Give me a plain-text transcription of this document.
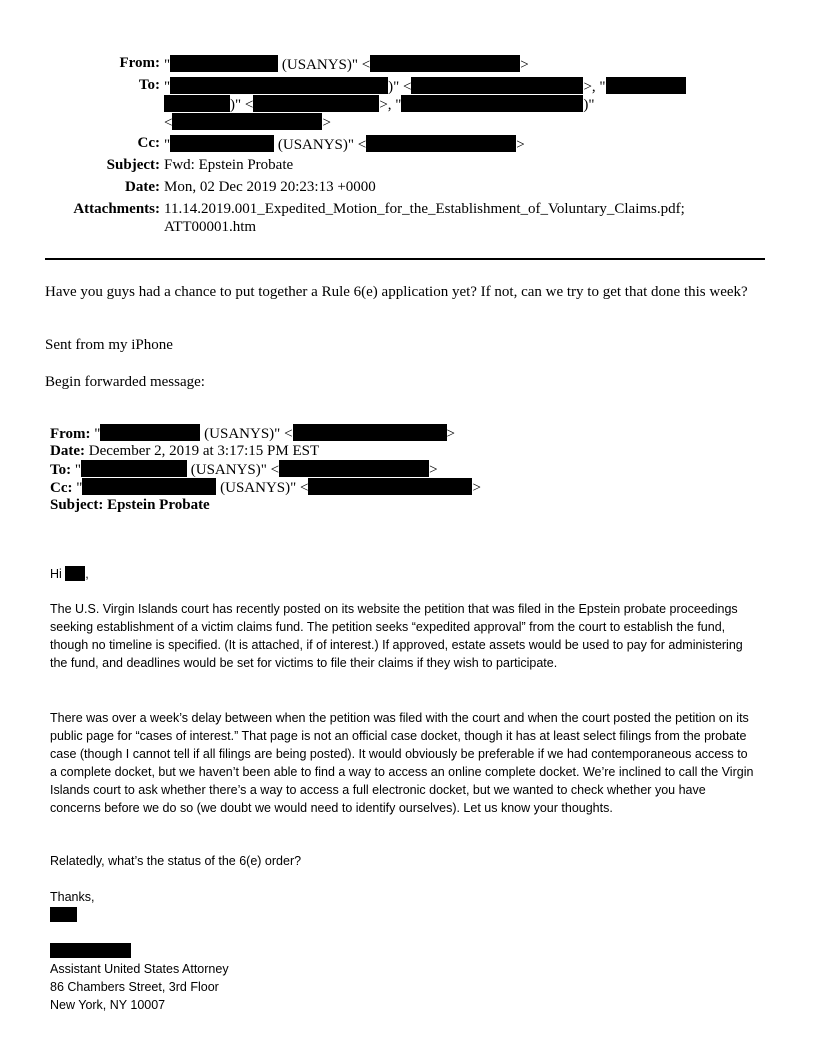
From: "	(USANYS)" <	>
To: "	)" <	>, "
)" <	>, "	)"
<	>
Cc: "	(USANYS)" <	>
Subject: Fwd: Epstein Probate
Date: Mon, 02 Dec 2019 20:23:13 +0000
Attachments: 11.14.2019.001_Expedited_Motion_for_the_Establishment_of_Voluntary_Claims.pdf;
ATT00001.htm
Have you guys had a chance to put together a Rule 6(e) application yet? If not, can we try to get that done this week?
Sent from my iPhone
Begin forwarded message:
From: "	(USANYS)" <	>
Date: December 2, 2019 at 3:17:15 PM EST
To: "	(USANYS)" <	>
Cc: "	(USANYS)" <	>
Subject: Epstein Probate
Hi ,
The U.S. Virgin Islands court has recently posted on its website the petition that was filed in the Epstein probate proceedings seeking establishment of a victim claims fund. The petition seeks “expedited approval” from the court to establish the fund, though no timeline is specified. (It is attached, if of interest.) If approved, estate assets would be used to pay for administering the fund, and deadlines would be set for victims to file their claims if they wish to participate.
There was over a week’s delay between when the petition was filed with the court and when the court posted the petition on its public page for “cases of interest.” That page is not an official case docket, though it has at least select filings from the probate case (though I cannot tell if all filings are being posted). It would obviously be preferable if we had contemporaneous access to a complete docket, but we haven’t been able to find a way to access an online complete docket. We’re inclined to call the Virgin Islands court to ask whether there’s a way to access a full electronic docket, but we wanted to check whether you have concerns before we do so (we doubt we would need to identify ourselves). Let us know your thoughts.
Relatedly, what’s the status of the 6(e) order?
Thanks,
Assistant United States Attorney
86 Chambers Street, 3rd Floor
New York, NY 10007
